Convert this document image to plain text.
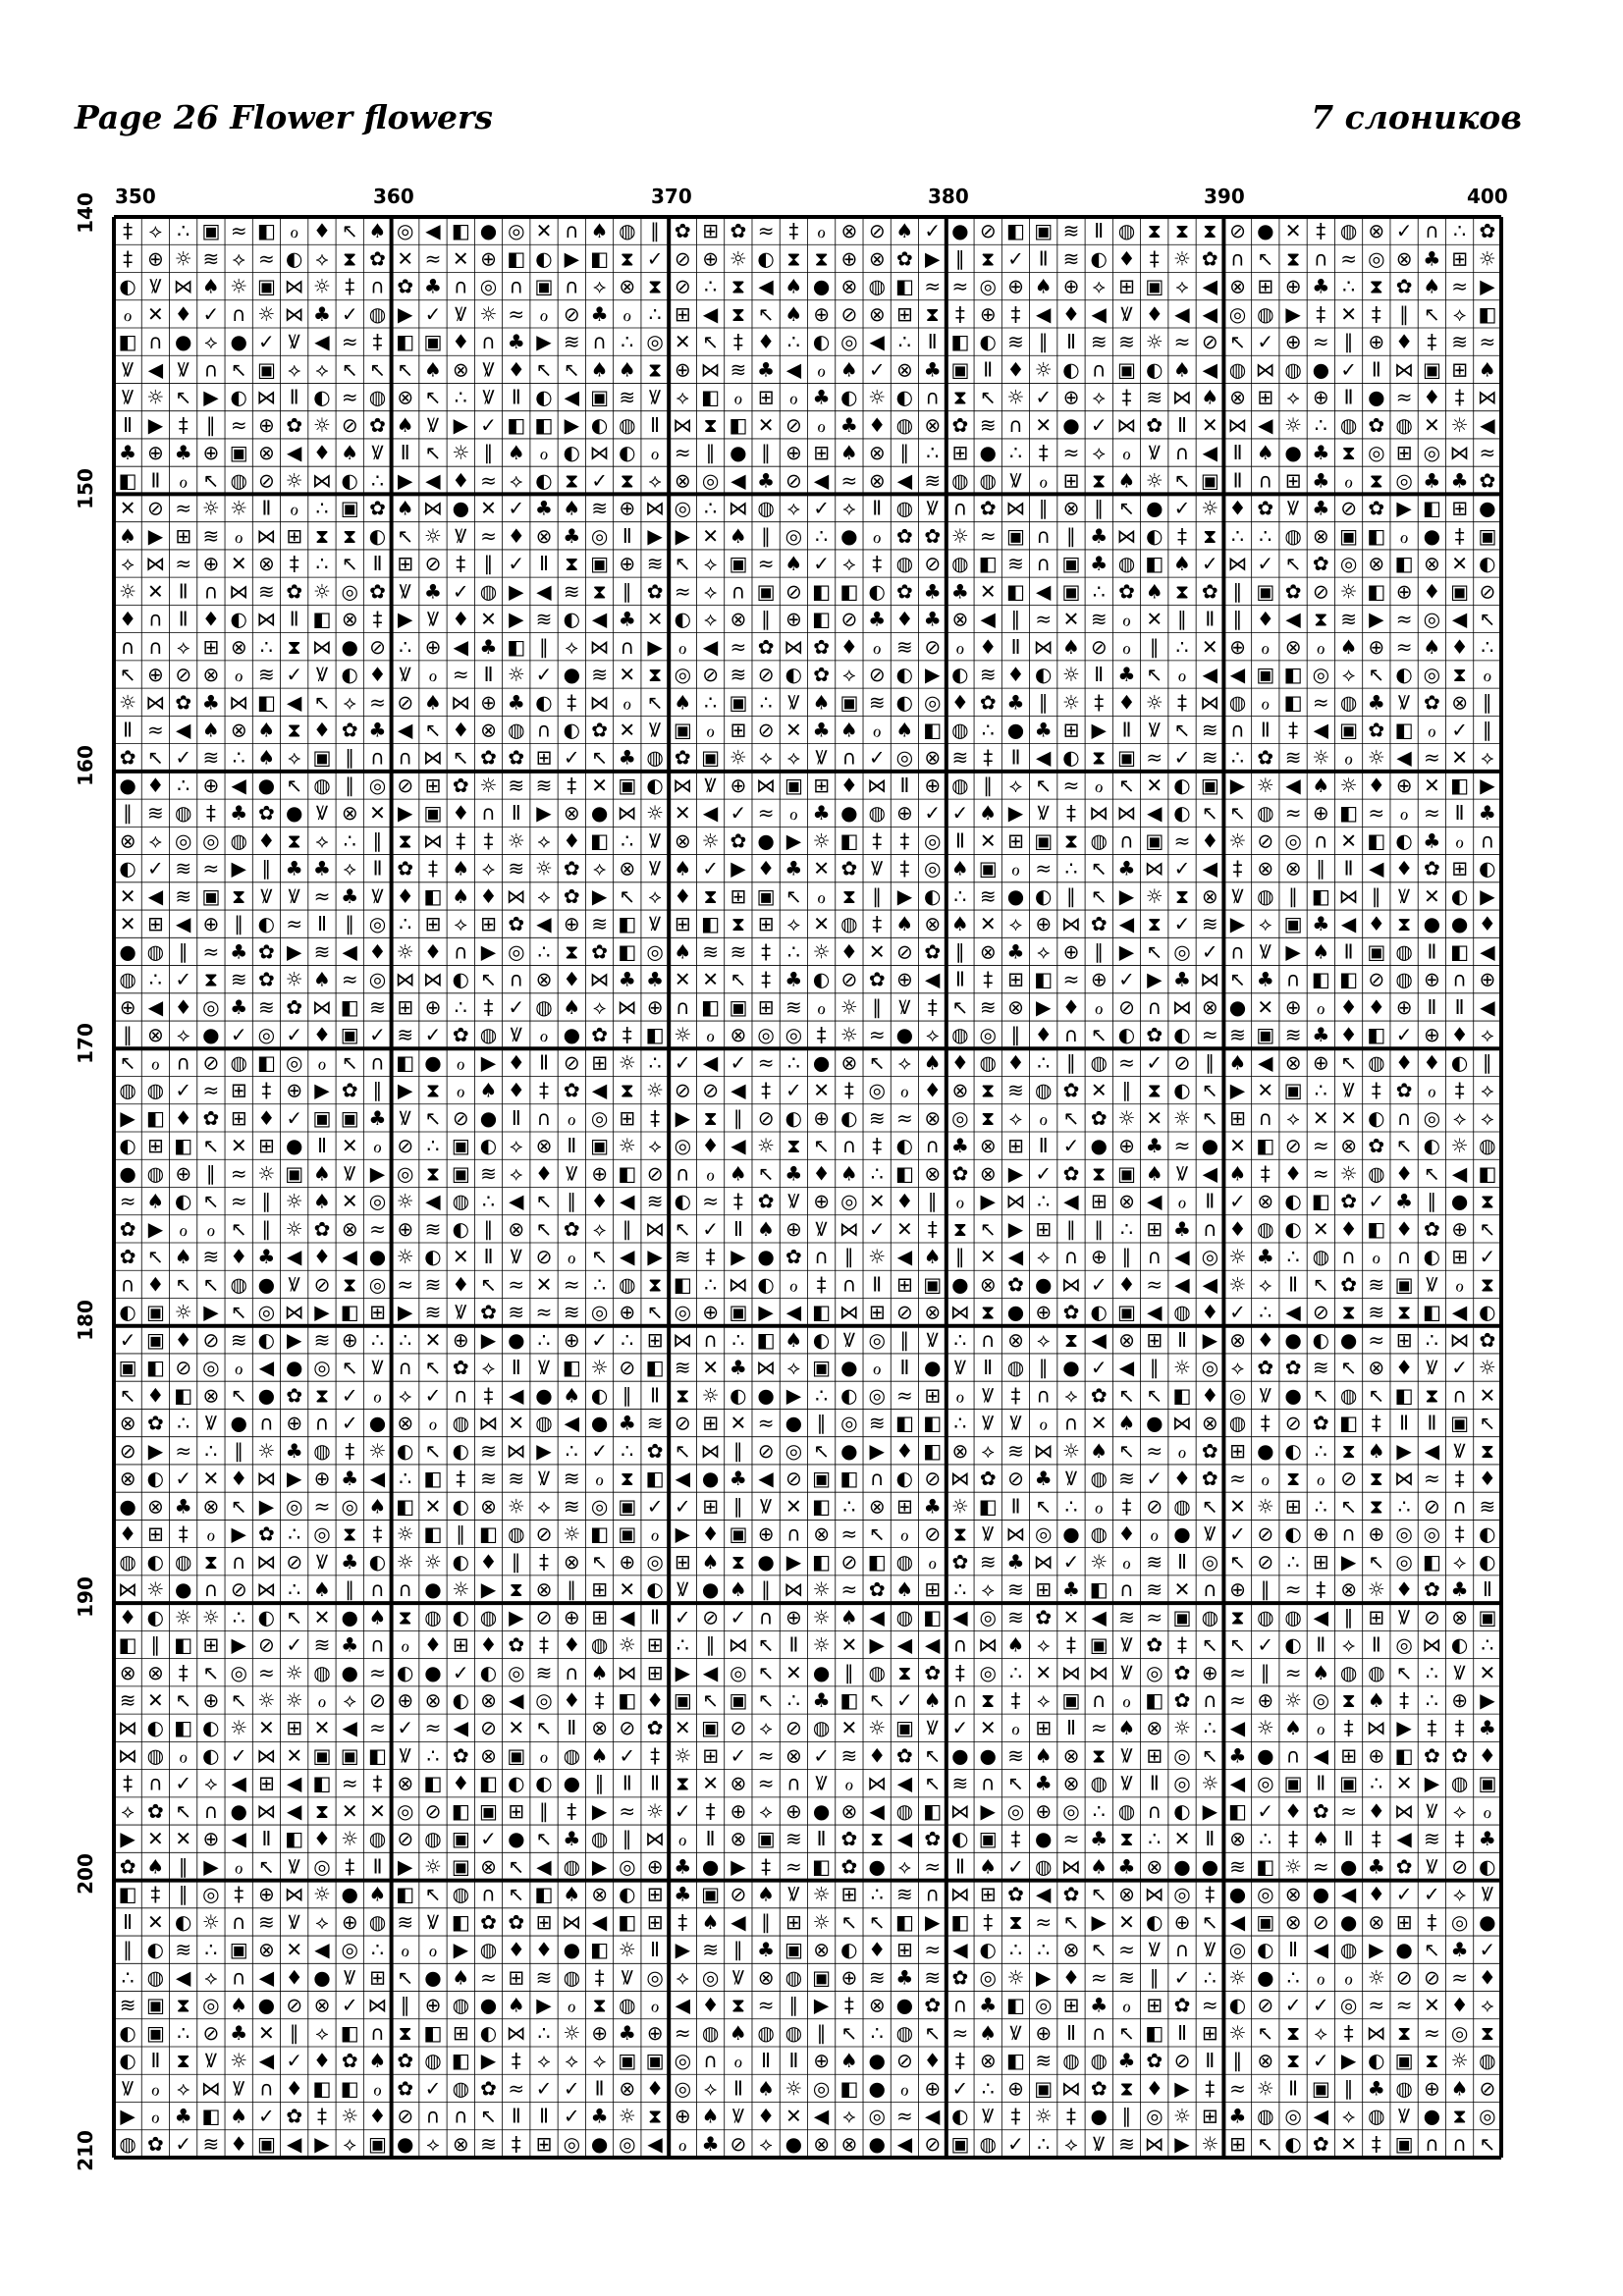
Page 26 Flower flowers	7 слоников
350	360	370	380	390	400
140
150
160
170
180
190
200
210
‡ ⟡ ∴ ▣ ≈ ◧ ℴ ♦ ↖ ♠ ◎ ◀ ◧ ● ◎ ✕ ∩ ♠ ◍ ∥ ✿ ⊞ ✿ ≈ ‡ ℴ ⊗ ⊘ ♠ ✓ ● ⊘ ◧ ▣ ≋ Ⅱ ◍ ⧗ ⧗ ⧗ ⊘ ● ✕ ‡ ◍ ⊗ ✓ ∩ ∴ ✿
‡ ⊕ ☼ ≋ ⟡ ≈ ◐ ⟡ ⧗ ✿ ✕ ≈ ✕ ⊕ ◧ ◐ ▶ ◧ ⧗ ✓ ⊘ ⊕ ☼ ◐ ⧗ ⧗ ⊕ ⊗ ✿ ▶ ∥ ⧗ ✓ Ⅱ ≋ ◐ ♦ ‡ ☼ ✿ ∩ ↖ ⧗ ∩ ≈ ◎ ⊗ ♣ ⊞ ☼
◐ Ꝟ ⋈ ♠ ☼ ▣ ⋈ ☼ ‡ ∩ ✿ ♣ ∩ ◎ ∩ ▣ ∩ ⟡ ⊗ ⧗ ⊘ ∴ ⧗ ◀ ♠ ● ⊗ ◍ ◧ ≈ ≈ ◎ ⊕ ♠ ⊕ ⟡ ⊞ ▣ ⟡ ◀ ⊗ ⊞ ⊕ ♣ ∴ ⧗ ✿ ♠ ≈ ▶
ℴ ✕ ♦ ✓ ∩ ☼ ⋈ ♣ ✓ ◍ ▶ ✓ Ꝟ ☼ ≈ ℴ ⊘ ♣ ℴ ∴ ⊞ ◀ ⧗ ↖ ♠ ⊕ ⊘ ⊗ ⊞ ⧗ ‡ ⊕ ‡ ◀ ♦ ◀ Ꝟ ♦ ◀ ◀ ◎ ◍ ▶ ‡ ✕ ‡ ∥ ↖ ⟡ ◧
◧ ∩ ● ⟡ ● ✓ Ꝟ ◀ ≈ ‡ ◧ ▣ ♦ ∩ ♣ ▶ ≋ ∩ ∴ ◎ ✕ ↖ ‡ ♦ ∴ ◐ ◎ ◀ ∴ Ⅱ ◧ ◐ ≋ ∥ Ⅱ ≋ ≋ ☼ ≈ ⊘ ↖ ✓ ⊕ ≈ ∥ ⊕ ♦ ‡ ≋ ≈
Ꝟ ◀ Ꝟ ∩ ↖ ▣ ⟡ ⟡ ↖ ↖ ↖ ♠ ⊗ Ꝟ ♦ ↖ ↖ ♠ ♠ ⧗ ⊕ ⋈ ≋ ♣ ◀ ℴ ♠ ✓ ⊗ ♣ ▣ Ⅱ ♦ ☼ ◐ ∩ ▣ ◐ ♠ ◀ ◍ ⋈ ◍ ● ✓ Ⅱ ⋈ ▣ ⊞ ♠
Ꝟ ☼ ↖ ▶ ◐ ⋈ Ⅱ ◐ ≈ ◍ ⊗ ↖ ∴ Ꝟ Ⅱ ◐ ◀ ▣ ≋ Ꝟ ⟡ ◧ ℴ ⊞ ℴ ♣ ◐ ☼ ◐ ∩ ⧗ ↖ ☼ ✓ ⊕ ⟡ ‡ ≋ ⋈ ♠ ⊗ ⊞ ⟡ ⊕ Ⅱ ● ≈ ♦ ‡ ⋈
Ⅱ ▶ ‡ ∥ ≈ ⊕ ✿ ☼ ⊘ ✿ ♠ Ꝟ ▶ ✓ ◧ ◧ ▶ ◐ ◍ Ⅱ ⋈ ⧗ ◧ ✕ ⊘ ℴ ♣ ♦ ◍ ⊗ ✿ ≋ ∩ ✕ ● ✓ ⋈ ✿ Ⅱ ✕ ⋈ ◀ ☼ ∴ ◍ ✿ ◍ ✕ ☼ ◀
♣ ⊕ ♣ ⊕ ▣ ⊗ ◀ ♦ ♠ Ꝟ Ⅱ ↖ ☼ ∥ ♠ ℴ ◐ ⋈ ◐ ℴ ≈ ∥ ● ∥ ⊕ ⊞ ♠ ⊗ ∥ ∴ ⊞ ● ∴ ‡ ≈ ⟡ ℴ Ꝟ ∩ ◀ Ⅱ ♠ ● ♣ ⧗ ◎ ⊞ ◎ ⋈ ≈
◧ Ⅱ ℴ ↖ ◍ ⊘ ☼ ⋈ ◐ ∴ ▶ ◀ ♦ ≈ ⟡ ◐ ⧗ ✓ ⧗ ⟡ ⊗ ◎ ◀ ♣ ⊘ ◀ ≈ ⊗ ◀ ≋ ◍ ◍ Ꝟ ℴ ⊞ ⧗ ♠ ☼ ↖ ▣ Ⅱ ∩ ⊞ ♣ ℴ ⧗ ◎ ♣ ♣ ✿
✕ ⊘ ≈ ☼ ☼ Ⅱ ℴ ∴ ▣ ✿ ♠ ⋈ ● ✕ ✓ ♣ ♠ ≋ ⊕ ⋈ ◎ ∴ ⋈ ◍ ⟡ ✓ ⟡ Ⅱ ◍ Ꝟ ∩ ✿ ⋈ ∥ ⊗ ∥ ↖ ● ✓ ☼ ♦ ✿ Ꝟ ♣ ⊘ ✿ ▶ ◧ ⊞ ●
♠ ▶ ⊞ ≋ ℴ ⋈ ⊞ ⧗ ⧗ ◐ ↖ ☼ Ꝟ ≈ ♦ ⊗ ♣ ◎ Ⅱ ▶ ▶ ✕ ♠ ∥ ◎ ∴ ● ℴ ✿ ✿ ☼ ≈ ▣ ∩ ∥ ♣ ⋈ ◐ ‡ ⧗ ∴ ∴ ◍ ⊗ ▣ ◧ ℴ ● ‡ ▣
⟡ ⋈ ≈ ⊕ ✕ ⊗ ‡ ∴ ↖ Ⅱ ⊞ ⊘ ‡ ∥ ✓ Ⅱ ⧗ ▣ ⊕ ≋ ↖ ⟡ ▣ ≈ ♠ ✓ ⟡ ‡ ◍ ⊘ ◍ ◧ ≋ ∩ ▣ ♣ ◍ ◧ ♠ ✓ ⋈ ✓ ↖ ✿ ◎ ⊗ ◧ ⊗ ✕ ◐
☼ ✕ Ⅱ ∩ ⋈ ≋ ✿ ☼ ◎ ✿ Ꝟ ♣ ✓ ◍ ▶ ◀ ≋ ⧗ ∥ ✿ ≈ ⟡ ∩ ▣ ⊘ ◧ ◧ ◐ ✿ ♣ ♣ ✕ ◧ ◀ ▣ ∴ ✿ ♠ ⧗ ✿ ∥ ▣ ✿ ⊘ ☼ ◧ ⊕ ♦ ▣ ⊘
♦ ∩ Ⅱ ♦ ◐ ⋈ Ⅱ ◧ ⊗ ‡ ▶ Ꝟ ♦ ✕ ▶ ≋ ◐ ◀ ♣ ✕ ◐ ⟡ ⊗ ∥ ⊕ ◧ ⊘ ♣ ♦ ♣ ⊗ ◀ ∥ ≈ ✕ ≋ ℴ ✕ ∥ Ⅱ ∥ ♦ ◀ ⧗ ≋ ▶ ≈ ◎ ◀ ↖
∩ ∩ ⟡ ⊞ ⊗ ∴ ⧗ ⋈ ● ⊘ ∴ ⊕ ◀ ♣ ◧ ∥ ⟡ ⋈ ∩ ▶ ℴ ◀ ≈ ✿ ⋈ ✿ ♦ ℴ ≋ ⊘ ℴ ♦ Ⅱ ⋈ ♠ ⊘ ℴ ∥ ∴ ✕ ⊕ ℴ ⊗ ℴ ♠ ⊕ ≈ ♠ ♦ ∴
↖ ⊕ ⊘ ⊗ ℴ ≋ ✓ Ꝟ ◐ ♦ Ꝟ ℴ ≈ Ⅱ ☼ ✓ ● ≋ ✕ ⧗ ◎ ⊘ ≋ ⊘ ◐ ✿ ⟡ ⊘ ◐ ▶ ◐ ≋ ♦ ◐ ☼ Ⅱ ♣ ↖ ℴ ◀ ◀ ▣ ◧ ◎ ⟡ ↖ ◐ ◎ ⧗ ℴ
☼ ⋈ ✿ ♣ ⋈ ◧ ◀ ↖ ⟡ ≈ ⊘ ♠ ⋈ ⊕ ♣ ◐ ‡ ⋈ ℴ ↖ ♠ ∴ ▣ ∴ Ꝟ ♠ ▣ ≋ ◐ ◎ ♦ ✿ ♣ ∥ ☼ ‡ ♦ ☼ ‡ ⋈ ◍ ℴ ◧ ≈ ◍ ♣ Ꝟ ✿ ⊗ ∥
Ⅱ ≈ ◀ ♠ ⊗ ♠ ⧗ ♦ ✿ ♣ ◀ ↖ ♦ ⊗ ◍ ∩ ◐ ✿ ✕ Ꝟ ▣ ℴ ⊞ ⊘ ✕ ♣ ♠ ℴ ♠ ◧ ◍ ∴ ● ♣ ⊞ ▶ Ⅱ Ꝟ ↖ ≋ ∩ Ⅱ ‡ ◀ ▣ ✿ ◧ ℴ ✓ ∥
✿ ↖ ✓ ≋ ∴ ♠ ⟡ ▣ ∥ ∩ ∩ ⋈ ↖ ✿ ✿ ⊞ ✓ ↖ ♣ ◍ ✿ ▣ ☼ ⟡ ⟡ Ꝟ ∩ ✓ ◎ ⊗ ≋ ‡ Ⅱ ◀ ◐ ⧗ ▣ ≈ ✓ ≋ ∴ ✿ ≋ ☼ ℴ ☼ ◀ ≈ ✕ ⟡
● ♦ ∴ ⊕ ◀ ● ↖ ◍ ∥ ◎ ⊘ ⊞ ✿ ☼ ≋ ≋ ‡ ✕ ▣ ◐ ⋈ Ꝟ ⊕ ⋈ ▣ ⊞ ♦ ⋈ Ⅱ ⊕ ◍ ∥ ⟡ ↖ ≈ ℴ ↖ ✕ ◐ ▣ ▶ ☼ ◀ ♠ ☼ ♦ ⊕ ✕ ◧ ▶
∥ ≋ ◍ ‡ ♣ ✿ ● Ꝟ ⊗ ✕ ▶ ▣ ♦ ∩ Ⅱ ▶ ⊗ ● ⋈ ☼ ✕ ◀ ✓ ≈ ℴ ♣ ● ◍ ⊕ ✓ ✓ ♠ ▶ Ꝟ ‡ ⋈ ⋈ ◀ ◐ ↖ ↖ ◍ ≈ ⊕ ◧ ≈ ℴ ≈ Ⅱ ♣
⊗ ⟡ ◎ ◎ ◍ ♦ ⧗ ⟡ ∴ ∥ ⧗ ⋈ ‡ ‡ ☼ ⟡ ♦ ◧ ∴ Ꝟ ⊗ ☼ ✿ ● ▶ ☼ ◧ ‡ ‡ ◎ Ⅱ ✕ ⊞ ▣ ⧗ ◍ ∩ ▣ ≈ ♦ ☼ ⊘ ◎ ∩ ✕ ◧ ◐ ♣ ℴ ∩
◐ ✓ ≋ ≈ ▶ ∥ ♣ ♣ ⟡ Ⅱ ✿ ‡ ♠ ⟡ ≋ ☼ ✿ ⟡ ⊗ Ꝟ ♠ ✓ ▶ ♦ ♣ ✕ ✿ Ꝟ ‡ ◎ ♠ ▣ ℴ ≈ ∴ ↖ ♣ ⋈ ✓ ◀ ‡ ⊗ ⊗ ∥ Ⅱ ◀ ♦ ✿ ⊞ ◐
✕ ◀ ≋ ▣ ⧗ Ꝟ Ꝟ ≈ ♣ Ꝟ ♦ ◧ ♠ ♦ ⋈ ⟡ ✿ ▶ ↖ ⟡ ♦ ⧗ ⊞ ▣ ↖ ℴ ⧗ ∥ ▶ ◐ ∴ ≋ ● ◐ ∥ ↖ ▶ ☼ ⧗ ⊗ Ꝟ ◍ ∥ ◧ ⋈ ∥ Ꝟ ✕ ◐ ▶
✕ ⊞ ◀ ⊕ ∥ ◐ ≈ Ⅱ ∥ ◎ ∴ ⊞ ⟡ ⊞ ✿ ◀ ⊕ ≋ ◧ Ꝟ ⊞ ◧ ⧗ ⊞ ⟡ ✕ ◍ ‡ ♠ ⊗ ♠ ✕ ⟡ ⊕ ⋈ ✿ ◀ ⧗ ✓ ≋ ▶ ⟡ ▣ ♣ ◀ ♦ ⧗ ● ● ♦
● ◍ ∥ ≈ ♣ ✿ ▶ ≋ ◀ ♦ ☼ ♦ ∩ ▶ ◎ ∴ ⧗ ✿ ◧ ◎ ♠ ≋ ≋ ‡ ∴ ☼ ♦ ✕ ⊘ ✿ ∥ ⊗ ♣ ⟡ ⊕ ∥ ▶ ↖ ◎ ✓ ∩ Ꝟ ▶ ♠ Ⅱ ▣ ◍ Ⅱ ◧ ◀
◍ ∴ ✓ ⧗ ≋ ✿ ☼ ♠ ≈ ◎ ⋈ ⋈ ◐ ↖ ∩ ⊗ ♦ ⋈ ♣ ♣ ✕ ✕ ↖ ‡ ♣ ◐ ⊘ ✿ ⊕ ◀ Ⅱ ‡ ⊞ ◧ ≈ ⊕ ✓ ▶ ♣ ⋈ ↖ ♣ ∩ ◧ ◧ ⊘ ◍ ⊕ ∩ ⊕
⊕ ◀ ♦ ◎ ♣ ≋ ✿ ⋈ ◧ ≋ ⊞ ⊕ ∴ ‡ ✓ ◍ ♠ ⟡ ⋈ ⊕ ∩ ◧ ▣ ⊞ ≋ ℴ ☼ ∥ Ꝟ ‡ ↖ ≋ ⊗ ▶ ♦ ℴ ⊘ ∩ ⋈ ⊗ ● ✕ ⊕ ℴ ♦ ♦ ⊕ Ⅱ Ⅱ ◀
∥ ⊗ ⟡ ● ✓ ◎ ✓ ♦ ▣ ✓ ≋ ✓ ✿ ◍ Ꝟ ℴ ● ✿ ‡ ◧ ☼ ℴ ⊗ ◎ ◎ ‡ ☼ ≈ ● ⟡ ◍ ◎ ∥ ♦ ∩ ↖ ◐ ✿ ◐ ≈ ≋ ▣ ≋ ♣ ♦ ◧ ✓ ⊕ ♦ ⟡
↖ ℴ ∩ ⊘ ◍ ◧ ◎ ℴ ↖ ∩ ◧ ● ℴ ▶ ♦ Ⅱ ⊘ ⊞ ☼ ∴ ✓ ◀ ✓ ≈ ∴ ● ⊗ ↖ ⟡ ♠ ♦ ◍ ♦ ∴ ∥ ◍ ≈ ✓ ⊘ ∥ ♠ ◀ ⊗ ⊕ ↖ ◍ ♦ ♦ ◐ ∥
◍ ◍ ✓ ≈ ⊞ ‡ ⊕ ▶ ✿ ∥ ▶ ⧗ ℴ ♠ ♦ ‡ ✿ ◀ ⧗ ☼ ⊘ ⊘ ◀ ‡ ✓ ✕ ‡ ◎ ℴ ♦ ⊗ ⧗ ≋ ◍ ✿ ✕ ∥ ⧗ ◐ ↖ ▶ ✕ ▣ ∴ Ꝟ ‡ ✿ ℴ ‡ ⟡
▶ ◧ ♦ ✿ ⊞ ♦ ✓ ▣ ▣ ♣ Ꝟ ↖ ⊘ ● Ⅱ ∩ ℴ ◎ ⊞ ‡ ▶ ⧗ ∥ ⊘ ◐ ⊕ ◐ ≋ ≈ ⊗ ◎ ⧗ ⟡ ℴ ↖ ✿ ☼ ✕ ☼ ↖ ⊞ ∩ ⟡ ✕ ✕ ◐ ∩ ◎ ⟡ ⟡
◐ ⊞ ◧ ↖ ✕ ⊞ ● Ⅱ ✕ ℴ ⊘ ∴ ▣ ◐ ⟡ ⊗ Ⅱ ▣ ☼ ⟡ ◎ ♦ ◀ ☼ ⧗ ↖ ∩ ‡ ◐ ∩ ♣ ⊗ ⊞ Ⅱ ✓ ● ⊕ ♣ ≈ ● ✕ ◧ ⊘ ≈ ⊗ ✿ ↖ ◐ ☼ ◍
● ◍ ⊕ ∥ ≈ ☼ ▣ ♠ Ꝟ ▶ ◎ ⧗ ▣ ≋ ⟡ ♦ Ꝟ ⊕ ◧ ⊘ ∩ ℴ ♠ ↖ ♣ ♦ ♠ ∴ ◧ ⊗ ✿ ⊗ ▶ ✓ ✿ ⧗ ▣ ♠ Ꝟ ◀ ♠ ‡ ♦ ≈ ☼ ◍ ♦ ↖ ◀ ◧
≈ ♠ ◐ ↖ ≈ ∥ ☼ ♠ ✕ ◎ ☼ ◀ ◍ ∴ ◀ ↖ ∥ ♦ ◀ ≋ ◐ ≈ ‡ ✿ Ꝟ ⊕ ◎ ✕ ♦ ∥ ℴ ▶ ⋈ ∴ ◀ ⊞ ⊗ ◀ ℴ Ⅱ ✓ ⊗ ◐ ◧ ✿ ✓ ♣ ∥ ● ⧗
✿ ▶ ℴ ℴ ↖ ∥ ☼ ✿ ⊗ ≈ ⊕ ≋ ◐ ∥ ⊗ ↖ ✿ ⟡ ∥ ⋈ ↖ ✓ Ⅱ ♠ ⊕ Ꝟ ⋈ ✓ ✕ ‡ ⧗ ↖ ▶ ⊞ ∥ ∥ ∴ ⊞ ♣ ∩ ♦ ◍ ◐ ✕ ♦ ◧ ♦ ✿ ⊕ ↖
✿ ↖ ♠ ≋ ♦ ♣ ◀ ♦ ◀ ● ☼ ◐ ✕ Ⅱ Ꝟ ⊘ ℴ ↖ ◀ ▶ ≋ ‡ ▶ ● ✿ ∩ ∥ ☼ ◀ ♠ ∥ ✕ ◀ ⟡ ∩ ⊕ ∥ ∩ ◀ ◎ ☼ ♣ ∴ ◍ ∩ ℴ ∩ ◐ ⊞ ✓
∩ ♦ ↖ ↖ ◍ ● Ꝟ ⊘ ⧗ ◎ ≈ ≋ ♦ ↖ ≈ ✕ ≈ ∴ ◍ ⧗ ◧ ∴ ⋈ ◐ ℴ ‡ ∩ Ⅱ ⊞ ▣ ● ⊗ ✿ ● ⋈ ✓ ♦ ≈ ◀ ◀ ☼ ⟡ Ⅱ ↖ ✿ ≋ ▣ Ꝟ ℴ ⧗
◐ ▣ ☼ ▶ ↖ ◎ ⋈ ▶ ◧ ⊞ ▶ ≋ Ꝟ ✿ ≋ ≈ ≋ ◎ ⊕ ↖ ◎ ⊕ ▣ ▶ ◀ ◧ ⋈ ⊞ ⊘ ⊗ ⋈ ⧗ ● ⊕ ✿ ◐ ▣ ◀ ◍ ♦ ✓ ∴ ◀ ⊘ ⧗ ≋ ⧗ ◧ ◀ ◐
✓ ▣ ♦ ⊘ ≋ ◐ ▶ ≋ ⊕ ∴ ∴ ✕ ⊕ ▶ ● ∴ ⊕ ✓ ∴ ⊞ ⋈ ∩ ∴ ◧ ♠ ◐ Ꝟ ◎ ∥ Ꝟ ∴ ∩ ⊗ ⟡ ⧗ ◀ ⊗ ⊞ Ⅱ ▶ ⊗ ♦ ● ◐ ● ≈ ⊞ ∴ ⋈ ✿
▣ ◧ ⊘ ◎ ℴ ◀ ● ◎ ↖ Ꝟ ∩ ↖ ✿ ⟡ Ⅱ Ꝟ ◧ ☼ ⊘ ◧ ≋ ✕ ♣ ⋈ ⟡ ▣ ● ℴ Ⅱ ● Ꝟ Ⅱ ◍ ∥ ● ✓ ◀ ∥ ☼ ◎ ⟡ ✿ ✿ ≋ ↖ ⊗ ♦ Ꝟ ✓ ☼
↖ ♦ ◧ ⊗ ↖ ● ✿ ⧗ ✓ ℴ ⟡ ✓ ∩ ‡ ◀ ● ♠ ◐ ∥ Ⅱ ⧗ ☼ ◐ ● ▶ ∴ ◐ ◎ ≈ ⊞ ℴ Ꝟ ‡ ∩ ⟡ ✿ ↖ ↖ ◧ ♦ ◎ Ꝟ ● ↖ ◍ ↖ ◧ ⧗ ∩ ✕
⊗ ✿ ∴ Ꝟ ● ∩ ⊕ ∩ ✓ ● ⊗ ℴ ◍ ⋈ ✕ ◍ ◀ ● ♣ ≋ ⊘ ⊞ ✕ ≈ ● ∥ ◎ ≋ ◧ ◧ ∴ Ꝟ Ꝟ ℴ ∩ ✕ ♠ ● ⋈ ⊗ ◍ ‡ ⊘ ✿ ◧ ‡ Ⅱ Ⅱ ▣ ↖
⊘ ▶ ≈ ∴ ∥ ☼ ♣ ◍ ‡ ☼ ◐ ↖ ◐ ≋ ⋈ ▶ ∴ ✓ ∴ ✿ ↖ ⋈ ∥ ⊘ ◎ ↖ ● ▶ ♦ ◧ ⊗ ⟡ ≋ ⋈ ☼ ♠ ↖ ≈ ℴ ✿ ⊞ ● ◐ ∴ ⧗ ♠ ▶ ◀ Ꝟ ⧗
⊗ ◐ ✓ ✕ ♦ ⋈ ▶ ⊕ ♣ ◀ ∴ ◧ ‡ ≋ ≋ Ꝟ ≋ ℴ ⧗ ◧ ◀ ● ♣ ◀ ⊘ ▣ ◧ ∩ ◐ ⊘ ⋈ ✿ ⊘ ♣ Ꝟ ◍ ≋ ✓ ♦ ✿ ≈ ℴ ⧗ ℴ ⊘ ⧗ ⋈ ≈ ‡ ♦
● ⊗ ♣ ⊗ ↖ ▶ ◎ ≈ ◎ ♠ ◧ ✕ ◐ ⊗ ☼ ⟡ ≋ ◎ ▣ ✓ ✓ ⊞ ∥ Ꝟ ✕ ◧ ∴ ⊗ ⊞ ♣ ☼ ◧ Ⅱ ↖ ∴ ℴ ‡ ⊘ ◍ ↖ ✕ ☼ ⊞ ∴ ↖ ⧗ ∴ ⊘ ∩ ≋
♦ ⊞ ‡ ℴ ▶ ✿ ∴ ◎ ⧗ ‡ ☼ ◧ ∥ ◧ ◍ ⊘ ☼ ◧ ▣ ℴ ▶ ♦ ▣ ⊕ ∩ ⊗ ≈ ↖ ℴ ⊘ ⧗ Ꝟ ⋈ ◎ ● ◍ ♦ ℴ ● Ꝟ ✓ ⊘ ◐ ⊕ ∩ ⊕ ◎ ◎ ‡ ◐
◍ ◐ ◍ ⧗ ∩ ⋈ ⊘ Ꝟ ♣ ◐ ☼ ☼ ◐ ♦ ∥ ‡ ⊗ ↖ ⊕ ◎ ⊞ ♠ ⧗ ● ▶ ◧ ⊘ ◧ ◍ ℴ ✿ ≋ ♣ ⋈ ✓ ☼ ℴ ≋ Ⅱ ◎ ↖ ⊘ ∴ ⊞ ▶ ↖ ◎ ◧ ⟡ ◐
⋈ ☼ ● ∩ ⊘ ⋈ ∴ ♠ ∥ ∩ ∩ ● ☼ ▶ ⧗ ⊗ ∥ ⊞ ✕ ◐ Ꝟ ● ♠ ∥ ⋈ ☼ ≈ ✿ ♠ ⊞ ∴ ⟡ ≋ ⊞ ♣ ◧ ∩ ≋ ✕ ∩ ⊕ ∥ ≈ ‡ ⊗ ☼ ♦ ✿ ♣ Ⅱ
♦ ◐ ☼ ☼ ∴ ◐ ↖ ✕ ● ♠ ⧗ ◍ ◐ ◍ ▶ ⊘ ⊕ ⊞ ◀ Ⅱ ✓ ⊘ ✓ ∩ ⊕ ☼ ♠ ◀ ◍ ◧ ◀ ◎ ≋ ✿ ✕ ◀ ≋ ≈ ▣ ◍ ⧗ ◍ ◍ ◀ ∥ ⊞ Ꝟ ⊘ ⊗ ▣
◧ ∥ ◧ ⊞ ▶ ⊘ ✓ ≋ ♣ ∩ ℴ ♦ ⊞ ♦ ✿ ‡ ♦ ◍ ☼ ⊞ ∴ ∥ ⋈ ↖ Ⅱ ☼ ✕ ▶ ◀ ◀ ∩ ⋈ ♠ ⟡ ‡ ▣ Ꝟ ✿ ‡ ↖ ↖ ✓ ◐ Ⅱ ⟡ Ⅱ ◎ ⋈ ◐ ∴
⊗ ⊗ ‡ ↖ ◎ ≈ ☼ ◍ ● ≈ ◐ ● ✓ ◐ ◎ ≋ ∩ ♠ ⋈ ⊞ ▶ ◀ ◎ ↖ ✕ ● ∥ ◍ ⧗ ✿ ‡ ◎ ∴ ✕ ⋈ ⋈ Ꝟ ◎ ✿ ⊕ ≈ ∥ ≈ ♠ ◍ ◍ ↖ ∴ Ꝟ ✕
≋ ✕ ↖ ⊕ ↖ ☼ ☼ ℴ ⟡ ⊘ ⊕ ⊗ ◐ ⊗ ◀ ◎ ♦ ‡ ◧ ♦ ▣ ↖ ▣ ↖ ∴ ♣ ◧ ↖ ✓ ♠ ∩ ⧗ ‡ ⟡ ▣ ∩ ℴ ◧ ✿ ∩ ≈ ⊕ ☼ ◎ ⧗ ♠ ‡ ∴ ⊕ ▶
⋈ ◐ ◧ ◐ ☼ ✕ ⊞ ✕ ◀ ≈ ✓ ≈ ◀ ⊘ ✕ ↖ Ⅱ ⊗ ⊘ ✿ ✕ ▣ ⊘ ⟡ ⊘ ◍ ✕ ☼ ▣ Ꝟ ✓ ✕ ℴ ⊞ Ⅱ ≈ ♠ ⊗ ☼ ∴ ◀ ☼ ♠ ℴ ‡ ⋈ ▶ ‡ ‡ ♣
⋈ ◍ ℴ ◐ ✓ ⋈ ✕ ▣ ▣ ◧ Ꝟ ∴ ✿ ⊗ ▣ ℴ ◍ ♠ ✓ ‡ ☼ ⊞ ✓ ≈ ⊗ ✓ ≋ ♦ ✿ ↖ ● ● ≋ ♠ ⊗ ⧗ Ꝟ ⊞ ◎ ↖ ♣ ● ∩ ◀ ⊞ ⊕ ◧ ✿ ✿ ♦
‡ ∩ ✓ ⟡ ◀ ⊞ ◀ ◧ ≈ ‡ ⊗ ◧ ♦ ◧ ◐ ◐ ● ∥ Ⅱ Ⅱ ⧗ ✕ ⊗ ≈ ∩ Ꝟ ℴ ⋈ ◀ ↖ ≋ ∩ ↖ ♣ ⊗ ◍ Ꝟ Ⅱ ◎ ☼ ◀ ◎ ▣ Ⅱ ▣ ∴ ✕ ▶ ◍ ▣
⟡ ✿ ↖ ∩ ● ⋈ ◀ ⧗ ✕ ✕ ◎ ⊘ ◧ ▣ ⊞ ∥ ‡ ▶ ≈ ☼ ✓ ‡ ⊕ ⟡ ⊕ ● ⊗ ◀ ◍ ◧ ⋈ ▶ ◎ ⊕ ◎ ∴ ◍ ∩ ◐ ▶ ◧ ✓ ♦ ✿ ≈ ♦ ⋈ Ꝟ ⟡ ℴ
▶ ✕ ✕ ⊕ ◀ Ⅱ ◧ ♦ ☼ ◍ ⊘ ◍ ▣ ✓ ● ↖ ♣ ◍ ∥ ⋈ ℴ Ⅱ ⊗ ▣ ≋ Ⅱ ✿ ⧗ ◀ ✿ ◐ ▣ ‡ ● ≈ ♣ ⧗ ∴ ✕ Ⅱ ⊗ ∴ ‡ ♠ Ⅱ ‡ ◀ ≋ ‡ ♣
✿ ♠ ∥ ▶ ℴ ↖ Ꝟ ◎ ‡ Ⅱ ▶ ☼ ▣ ⊗ ↖ ◀ ◍ ▶ ◎ ⊕ ♣ ● ▶ ‡ ≈ ◧ ✿ ● ⟡ ≈ Ⅱ ♠ ✓ ◍ ⋈ ♠ ♣ ⊗ ● ● ≋ ◧ ☼ ≈ ● ♣ ✿ Ꝟ ⊘ ◐
◧ ‡ ∥ ◎ ‡ ⊕ ⋈ ☼ ● ♠ ◧ ↖ ◍ ∩ ↖ ◧ ♠ ⊗ ◐ ⊞ ♣ ▣ ⊘ ♠ Ꝟ ☼ ⊞ ∴ ≋ ∩ ⋈ ⊞ ✿ ◀ ✿ ↖ ⊗ ⋈ ◎ ‡ ● ◎ ⊗ ● ◀ ♦ ✓ ✓ ⟡ Ꝟ
Ⅱ ✕ ◐ ☼ ∩ ≋ Ꝟ ⟡ ⊕ ◍ ≋ Ꝟ ◧ ✿ ✿ ⊞ ⋈ ◀ ◧ ⊞ ‡ ♠ ◀ ∥ ⊞ ☼ ↖ ↖ ◧ ▶ ◧ ‡ ⧗ ≈ ↖ ▶ ✕ ◐ ⊕ ↖ ◀ ▣ ⊗ ⊘ ● ⊗ ⊞ ‡ ◎ ●
∥ ◐ ≋ ∴ ▣ ⊗ ✕ ◀ ◎ ∴ ℴ ℴ ▶ ◍ ♦ ♦ ● ◧ ☼ Ⅱ ▶ ≋ ∥ ♣ ▣ ⊗ ◐ ♦ ⊞ ≈ ◀ ◐ ∴ ∴ ⊗ ↖ ≈ Ꝟ ∩ Ꝟ ◎ ◐ Ⅱ ◀ ◍ ▶ ● ↖ ♣ ✓
∴ ◍ ◀ ⟡ ∩ ◀ ♦ ● Ꝟ ⊞ ↖ ● ♠ ≈ ⊞ ≋ ◍ ‡ Ꝟ ◎ ⟡ ◎ Ꝟ ⊗ ◍ ▣ ⊕ ≋ ♣ ≋ ✿ ◎ ☼ ▶ ♦ ≈ ≋ ∥ ✓ ∴ ☼ ● ∴ ℴ ℴ ☼ ⊘ ⊘ ≈ ♦
≋ ▣ ⧗ ◎ ♠ ● ⊘ ⊗ ✓ ⋈ ∥ ⊕ ◍ ● ♠ ▶ ℴ ⧗ ◍ ℴ ◀ ♦ ⧗ ≈ ∥ ▶ ‡ ⊗ ● ✿ ∩ ♣ ◧ ◎ ⊞ ♣ ℴ ⊞ ✿ ≈ ◐ ⊘ ✓ ✓ ◎ ≈ ≈ ✕ ♦ ⟡
◐ ▣ ∴ ⊘ ♣ ✕ ∥ ⟡ ◧ ∩ ⧗ ◧ ⊞ ◐ ⋈ ∴ ☼ ⊕ ♣ ⊕ ≈ ◍ ♠ ◍ ◍ ∥ ↖ ∴ ◍ ↖ ≈ ♠ Ꝟ ⊕ Ⅱ ∩ ↖ ◧ Ⅱ ⊞ ☼ ↖ ⧗ ⟡ ‡ ⋈ ⧗ ≈ ◎ ⧗
◐ Ⅱ ⧗ Ꝟ ☼ ◀ ✓ ♦ ✿ ♠ ✿ ◍ ◧ ▶ ‡ ⟡ ⟡ ⟡ ▣ ▣ ◎ ∩ ℴ Ⅱ Ⅱ ⊕ ♠ ● ⊘ ♦ ‡ ⊗ ◧ ≋ ◍ ◍ ♣ ✿ ⊘ Ⅱ ∥ ⊗ ⧗ ✓ ▶ ◐ ▣ ⧗ ☼ ◍
Ꝟ ℴ ⟡ ⋈ Ꝟ ∩ ♦ ◧ ◧ ℴ ✿ ✓ ◍ ✿ ≈ ✓ ✓ Ⅱ ⊗ ♦ ◎ ⟡ Ⅱ ♠ ☼ ◎ ◧ ● ℴ ⊕ ✓ ∴ ⊕ ▣ ⋈ ✿ ⧗ ♦ ▶ ‡ ≈ ☼ Ⅱ ▣ ∥ ♣ ◍ ⊕ ♠ ⊘
▶ ℴ ♣ ◧ ♠ ✓ ✿ ‡ ☼ ♦ ⊘ ∩ ∩ ↖ Ⅱ Ⅱ ✓ ♣ ☼ ⧗ ⊕ ♠ Ꝟ ♦ ✕ ◀ ⟡ ◎ ≈ ◀ ◐ Ꝟ ‡ ☼ ‡ ● ∥ ◎ ☼ ⊞ ♣ ◍ ◎ ◀ ⟡ ◍ Ꝟ ● ⧗ ◎
◍ ✿ ✓ ≋ ♦ ▣ ◀ ▶ ⟡ ▣ ● ⟡ ⊗ ≋ ‡ ⊞ ◎ ● ◎ ◀ ℴ ♣ ⊘ ⟡ ● ⊗ ⊗ ● ◀ ⊘ ▣ ◍ ✓ ∴ ⟡ Ꝟ ≋ ⋈ ▶ ☼ ⊞ ↖ ◐ ✿ ✕ ‡ ▣ ∩ ∩ ↖
